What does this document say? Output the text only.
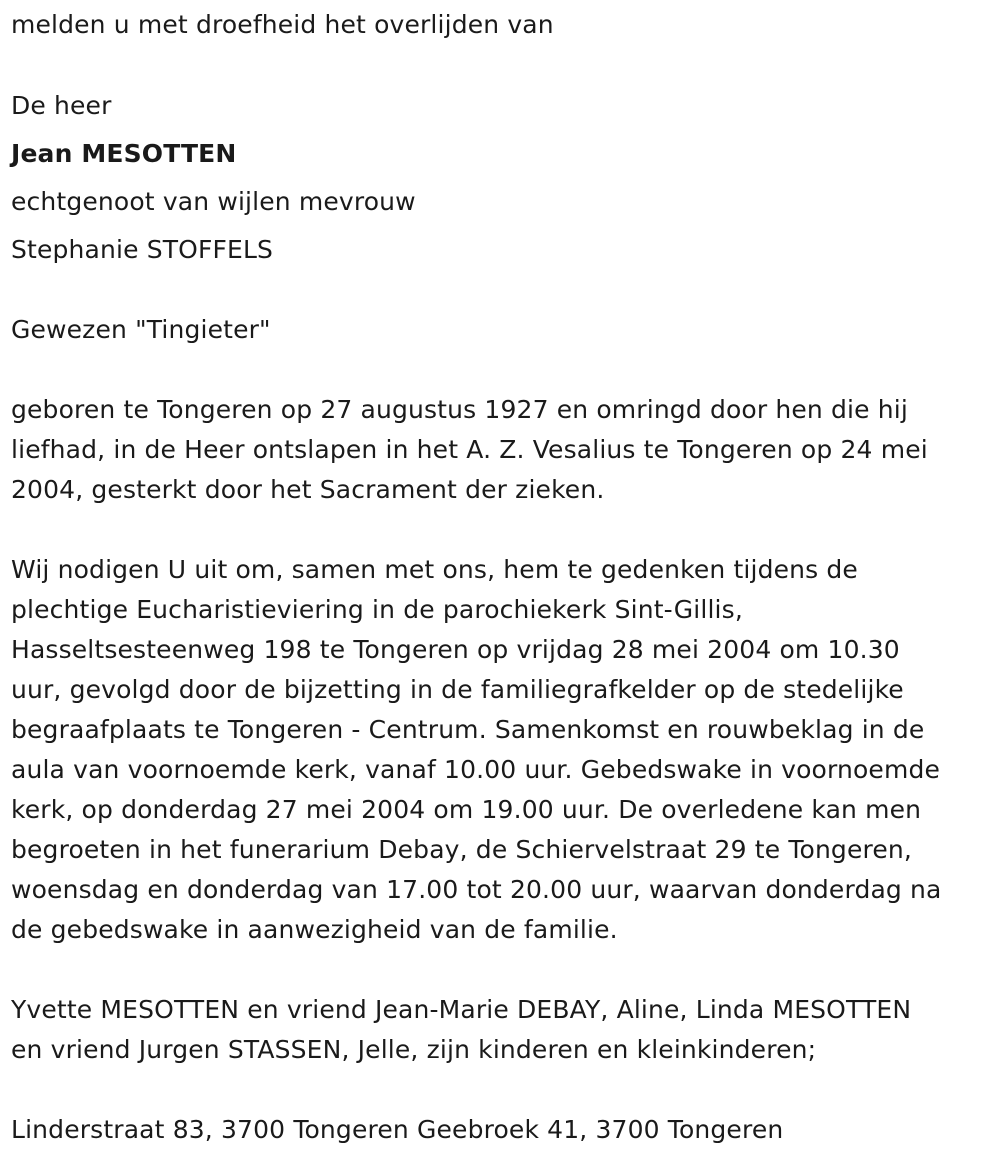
melden u met droefheid het overlijden van
De heer
Jean MESOTTEN
echtgenoot van wijlen mevrouw
Stephanie STOFFELS
Gewezen "Tingieter"
geboren te Tongeren op 27 augustus 1927 en omringd door hen die hij
liefhad, in de Heer ontslapen in het A. Z. Vesalius te Tongeren op 24 mei
2004, gesterkt door het Sacrament der zieken.
Wij nodigen U uit om, samen met ons, hem te gedenken tijdens de
plechtige Eucharistieviering in de parochiekerk Sint-Gillis,
Hasseltsesteenweg 198 te Tongeren op vrijdag 28 mei 2004 om 10.30
uur, gevolgd door de bijzetting in de familiegrafkelder op de stedelijke
begraafplaats te Tongeren - Centrum. Samenkomst en rouwbeklag in de
aula van voornoemde kerk, vanaf 10.00 uur. Gebedswake in voornoemde
kerk, op donderdag 27 mei 2004 om 19.00 uur. De overledene kan men
begroeten in het funerarium Debay, de Schiervelstraat 29 te Tongeren,
woensdag en donderdag van 17.00 tot 20.00 uur, waarvan donderdag na
de gebedswake in aanwezigheid van de familie.
Yvette MESOTTEN en vriend Jean-Marie DEBAY, Aline, Linda MESOTTEN
en vriend Jurgen STASSEN, Jelle, zijn kinderen en kleinkinderen;
Linderstraat 83, 3700 Tongeren Geebroek 41, 3700 Tongeren
